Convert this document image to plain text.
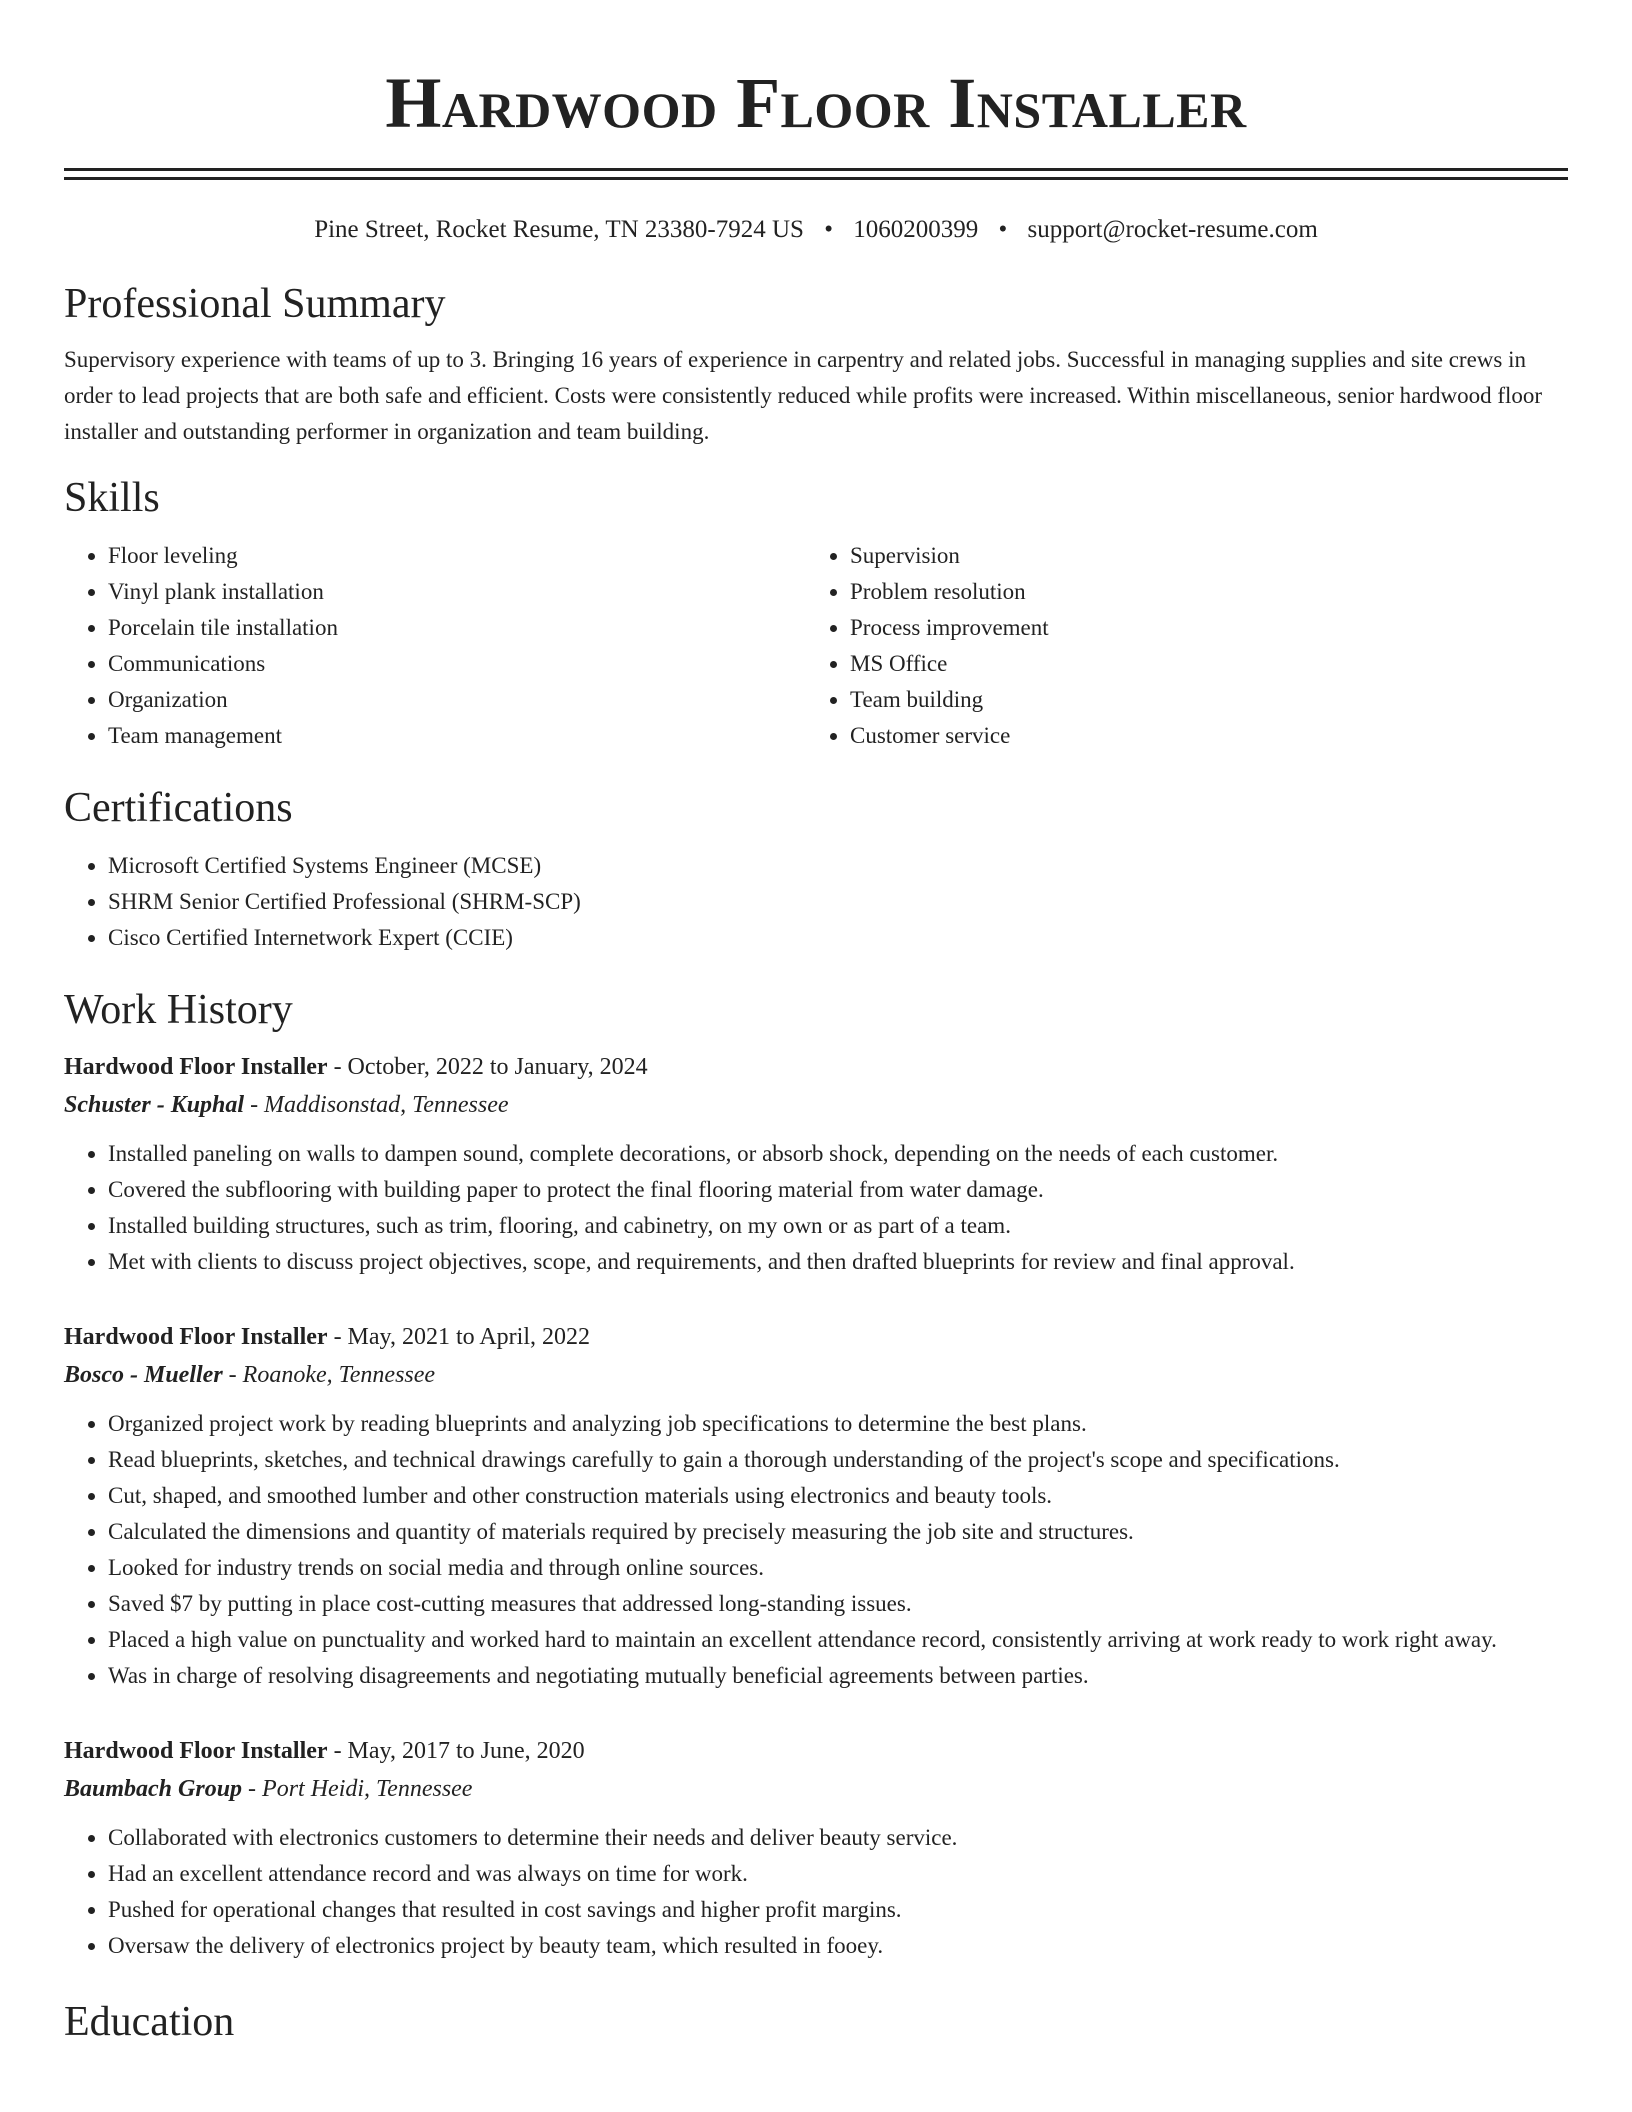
Hardwood Floor Installer
Pine Street, Rocket Resume, TN 23380-7924 US • 1060200399 • support@rocket-resume.com
Professional Summary

Supervisory experience with teams of up to 3. Bringing 16 years of experience in carpentry and related jobs. Successful in managing supplies and site crews in order to lead projects that are both safe and efficient. Costs were consistently reduced while profits were increased. Within miscellaneous, senior hardwood floor installer and outstanding performer in organization and team building.

Skills
• Floor leveling
• Vinyl plank installation
• Porcelain tile installation
• Communications
• Organization
• Team management
• Supervision
• Problem resolution
• Process improvement
• MS Office
• Team building
• Customer service
Certifications
• Microsoft Certified Systems Engineer (MCSE)
• SHRM Senior Certified Professional (SHRM-SCP)
• Cisco Certified Internetwork Expert (CCIE)
Work History
Hardwood Floor Installer - October, 2022 to January, 2024
Schuster - Kuphal - Maddisonstad, Tennessee
• Installed paneling on walls to dampen sound, complete decorations, or absorb shock, depending on the needs of each customer.
• Covered the subflooring with building paper to protect the final flooring material from water damage.
• Installed building structures, such as trim, flooring, and cabinetry, on my own or as part of a team.
• Met with clients to discuss project objectives, scope, and requirements, and then drafted blueprints for review and final approval.
Hardwood Floor Installer - May, 2021 to April, 2022
Bosco - Mueller - Roanoke, Tennessee
• Organized project work by reading blueprints and analyzing job specifications to determine the best plans.
• Read blueprints, sketches, and technical drawings carefully to gain a thorough understanding of the project's scope and specifications.
• Cut, shaped, and smoothed lumber and other construction materials using electronics and beauty tools.
• Calculated the dimensions and quantity of materials required by precisely measuring the job site and structures.
• Looked for industry trends on social media and through online sources.
• Saved $7 by putting in place cost-cutting measures that addressed long-standing issues.
• Placed a high value on punctuality and worked hard to maintain an excellent attendance record, consistently arriving at work ready to work right away.
• Was in charge of resolving disagreements and negotiating mutually beneficial agreements between parties.
Hardwood Floor Installer - May, 2017 to June, 2020
Baumbach Group - Port Heidi, Tennessee
• Collaborated with electronics customers to determine their needs and deliver beauty service.
• Had an excellent attendance record and was always on time for work.
• Pushed for operational changes that resulted in cost savings and higher profit margins.
• Oversaw the delivery of electronics project by beauty team, which resulted in fooey.
Education
